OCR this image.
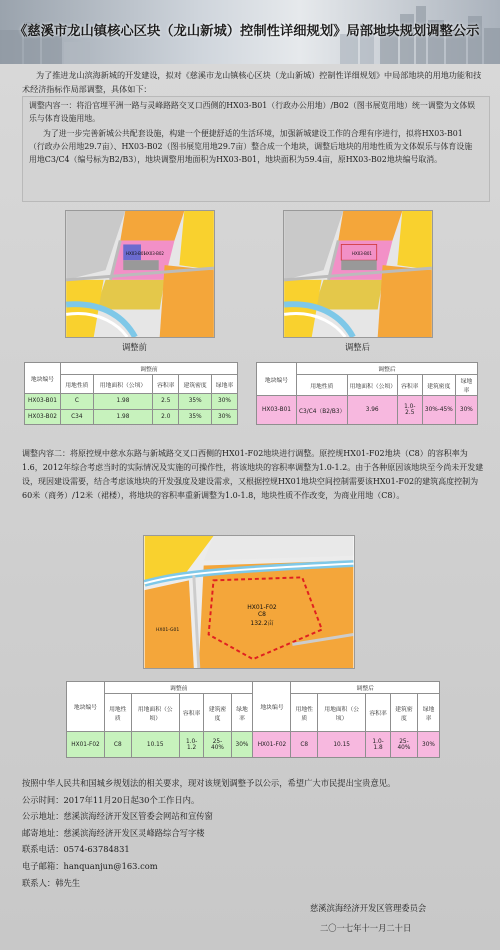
《慈溪市龙山镇核心区块（龙山新城）控制性详细规划》局部地块规划调整公示
为了推进龙山滨海新城的开发建设，拟对《慈溪市龙山镇核心区块（龙山新城）控制性详细规划》中局部地块的用地功能和技术经济指标作局部调整，具体如下：
调整内容一：将沿官埋平洲一路与灵峰路路交叉口西侧的HX03-B01（行政办公用地）/B02（图书展览用地）统一调整为文体娱乐与体育设施用地。
为了进一步完善新城公共配套设施，构建一个便捷舒适的生活环境，加强新城建设工作的合理有序进行，拟将HX03-B01（行政办公用地29.7亩）、HX03-B02（图书展览用地29.7亩）整合成一个地块，调整后地块的用地性质为文体娱乐与体育设施用地C3/C4（编号标为B2/B3），地块调整用地面积为HX03-B01，地块面积为59.4亩，原HX03-B02地块编号取消。
HX03-B01
HX03-B02
调整前
HX03-B01
调整后
地块编号	调整前				
	用地性质	用地面积（公顷）	容积率	建筑密度	绿地率
HX03-B01	C	1.98	2.5	35%	30%
HX03-B02	C34	1.98	2.0	35%	30%
地块编号	调整后				
	用地性质	用地面积（公顷）	容积率	建筑密度	绿地率
HX03-B01	C3/C4（B2/B3）	3.96	1.0-2.5	30%-45%	30%
调整内容二：将原控规中慈水东路与新城路交叉口西侧的HX01-F02地块进行调整。原控规HX01-F02地块（C8）的容积率为1.6，2012年综合考虑当时的实际情况及实施的可操作性，将该地块的容积率调整为1.0-1.2。由于各种原因该地块至今尚未开发建设，现因建设需要，结合考虑该地块的开发强度及建设需求，又根据控规HX01地块空间控制需要该HX01-F02的建筑高度控制为60米（商务）/12米（裙楼），将地块的容积率重新调整为1.0-1.8，地块性质不作改变，为商业用地（C8）。
HX01-F02
C8
132.2亩
HX01-G01
地块编号	调整前					地块编号	调整后				
	用地性质	用地面积（公顷）	容积率	建筑密度	绿地率		用地性质	用地面积（公顷）	容积率	建筑密度	绿地率
HX01-F02	C8	10.15	1.0-1.2	25-40%	30%	HX01-F02	C8	10.15	1.0-1.8	25-40%	30%
按照中华人民共和国城乡规划法的相关要求，现对该规划调整予以公示，希望广大市民提出宝贵意见。
公示时间：2017年11月20日起30个工作日内。
公示地址：慈溪滨海经济开发区管委会网站和宣传窗
邮寄地址：慈溪滨海经济开发区灵峰路综合写字楼
联系电话：0574-63784831
电子邮箱：hanquanjun@163.com
联系人：韩先生
慈溪滨海经济开发区管理委员会
二〇一七年十一月二十日
